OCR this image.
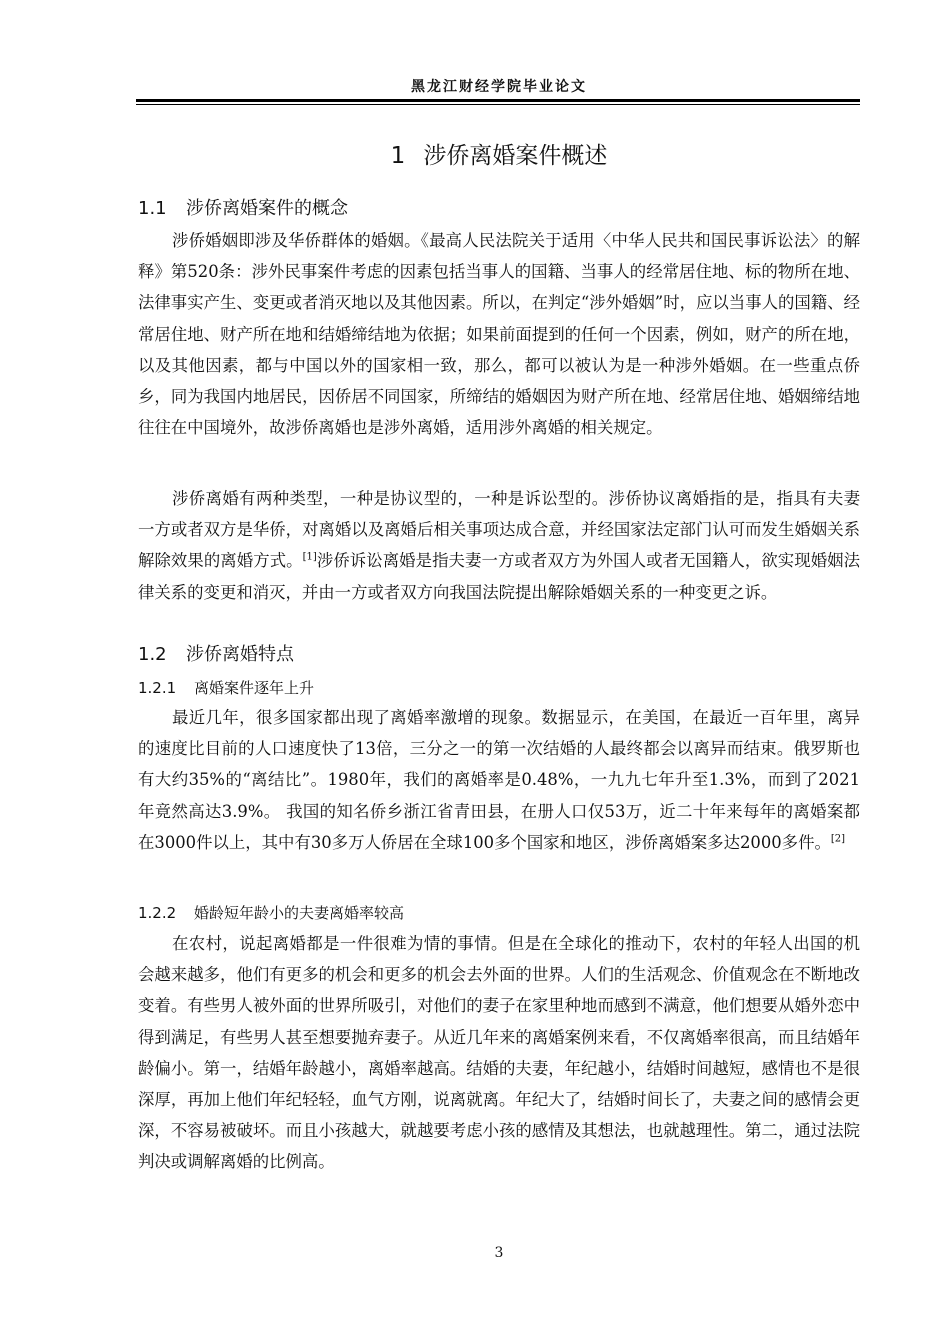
黑龙江财经学院毕业论文
1 涉侨离婚案件概述
1.1 涉侨离婚案件的概念

涉侨婚姻即涉及华侨群体的婚姻。《最高人民法院关于适用〈中华人民共和国民事诉讼法〉的解释》第520条：涉外民事案件考虑的因素包括当事人的国籍、当事人的经常居住地、标的物所在地、法律事实产生、变更或者消灭地以及其他因素。所以，在判定“涉外婚姻”时，应以当事人的国籍、经常居住地、财产所在地和结婚缔结地为依据；如果前面提到的任何一个因素，例如，财产的所在地，以及其他因素，都与中国以外的国家相一致，那么，都可以被认为是一种涉外婚姻。在一些重点侨乡，同为我国内地居民，因侨居不同国家，所缔结的婚姻因为财产所在地、经常居住地、婚姻缔结地往往在中国境外，故涉侨离婚也是涉外离婚，适用涉外离婚的相关规定。

涉侨离婚有两种类型，一种是协议型的，一种是诉讼型的。涉侨协议离婚指的是，指具有夫妻一方或者双方是华侨，对离婚以及离婚后相关事项达成合意，并经国家法定部门认可而发生婚姻关系解除效果的离婚方式。[1]涉侨诉讼离婚是指夫妻一方或者双方为外国人或者无国籍人，欲实现婚姻法律关系的变更和消灭，并由一方或者双方向我国法院提出解除婚姻关系的一种变更之诉。

1.2 涉侨离婚特点
1.2.1 离婚案件逐年上升

最近几年，很多国家都出现了离婚率激增的现象。数据显示，在美国，在最近一百年里，离异的速度比目前的人口速度快了13倍，三分之一的第一次结婚的人最终都会以离异而结束。俄罗斯也有大约35%的“离结比”。1980年，我们的离婚率是0.48%，一九九七年升至1.3%，而到了2021年竟然高达3.9%。 我国的知名侨乡浙江省青田县，在册人口仅53万，近二十年来每年的离婚案都在3000件以上，其中有30多万人侨居在全球100多个国家和地区，涉侨离婚案多达2000多件。[2]

1.2.2 婚龄短年龄小的夫妻离婚率较高

在农村，说起离婚都是一件很难为情的事情。但是在全球化的推动下，农村的年轻人出国的机会越来越多，他们有更多的机会和更多的机会去外面的世界。人们的生活观念、价值观念在不断地改变着。有些男人被外面的世界所吸引，对他们的妻子在家里种地而感到不满意，他们想要从婚外恋中得到满足，有些男人甚至想要抛弃妻子。从近几年来的离婚案例来看，不仅离婚率很高，而且结婚年龄偏小。第一，结婚年龄越小，离婚率越高。结婚的夫妻，年纪越小，结婚时间越短，感情也不是很深厚，再加上他们年纪轻轻，血气方刚，说离就离。年纪大了，结婚时间长了，夫妻之间的感情会更深，不容易被破坏。而且小孩越大，就越要考虑小孩的感情及其想法，也就越理性。第二，通过法院判决或调解离婚的比例高。

3
